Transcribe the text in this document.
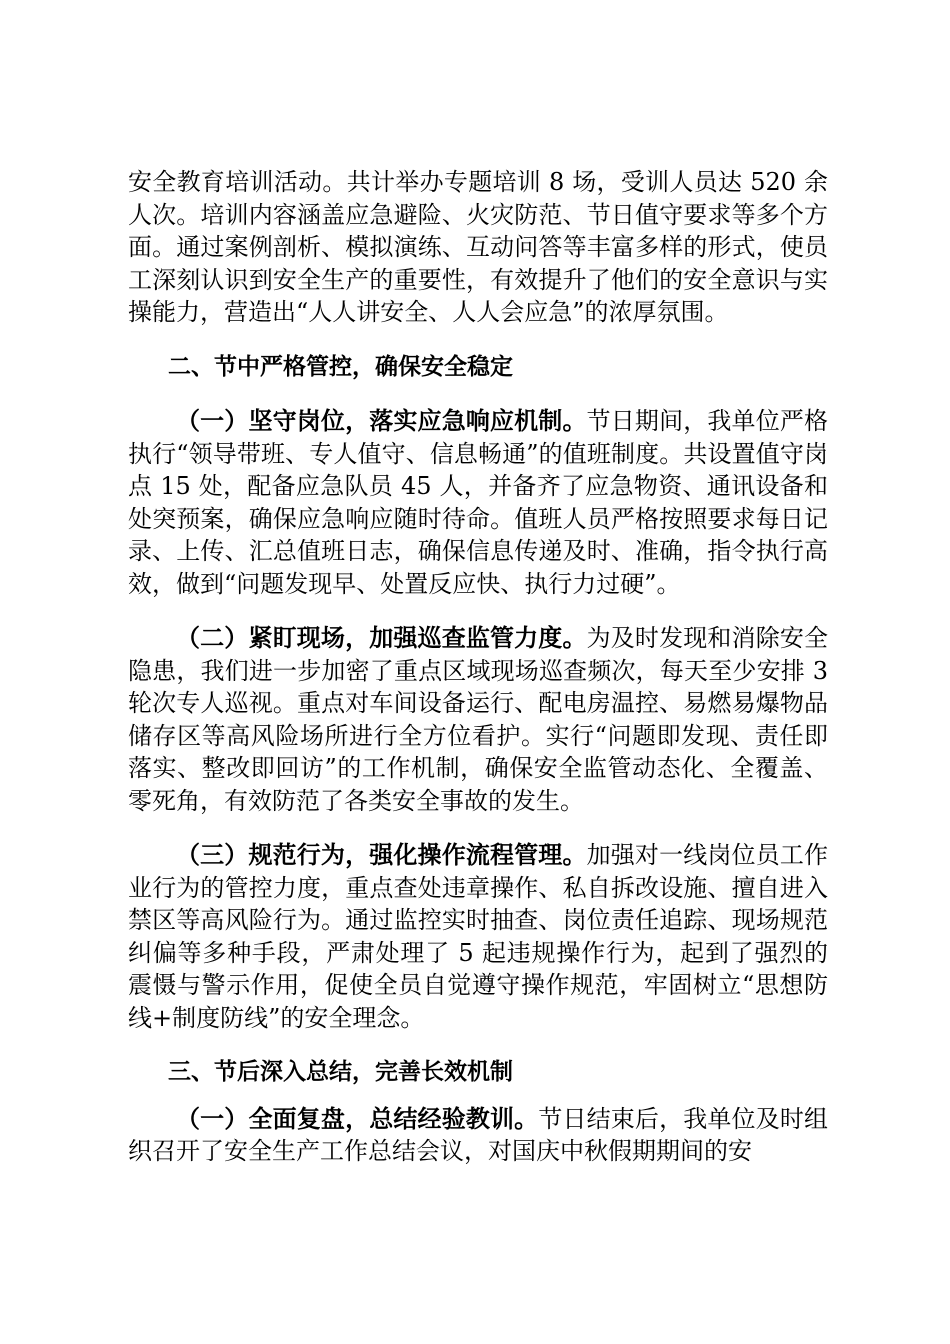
安全教育培训活动。共计举办专题培训 8 场，受训人员达 520 余人次。培训内容涵盖应急避险、火灾防范、节日值守要求等多个方面。通过案例剖析、模拟演练、互动问答等丰富多样的形式，使员工深刻认识到安全生产的重要性，有效提升了他们的安全意识与实操能力，营造出“人人讲安全、人人会应急”的浓厚氛围。

二、节中严格管控，确保安全稳定

（一）坚守岗位，落实应急响应机制。节日期间，我单位严格执行“领导带班、专人值守、信息畅通”的值班制度。共设置值守岗点 15 处，配备应急队员 45 人，并备齐了应急物资、通讯设备和处突预案，确保应急响应随时待命。值班人员严格按照要求每日记录、上传、汇总值班日志，确保信息传递及时、准确，指令执行高效，做到“问题发现早、处置反应快、执行力过硬”。

（二）紧盯现场，加强巡查监管力度。为及时发现和消除安全隐患，我们进一步加密了重点区域现场巡查频次，每天至少安排 3 轮次专人巡视。重点对车间设备运行、配电房温控、易燃易爆物品储存区等高风险场所进行全方位看护。实行“问题即发现、责任即落实、整改即回访”的工作机制，确保安全监管动态化、全覆盖、零死角，有效防范了各类安全事故的发生。

（三）规范行为，强化操作流程管理。加强对一线岗位员工作业行为的管控力度，重点查处违章操作、私自拆改设施、擅自进入禁区等高风险行为。通过监控实时抽查、岗位责任追踪、现场规范纠偏等多种手段，严肃处理了 5 起违规操作行为，起到了强烈的震慑与警示作用，促使全员自觉遵守操作规范，牢固树立“思想防线+制度防线”的安全理念。

三、节后深入总结，完善长效机制

（一）全面复盘，总结经验教训。节日结束后，我单位及时组织召开了安全生产工作总结会议，对国庆中秋假期期间的安
